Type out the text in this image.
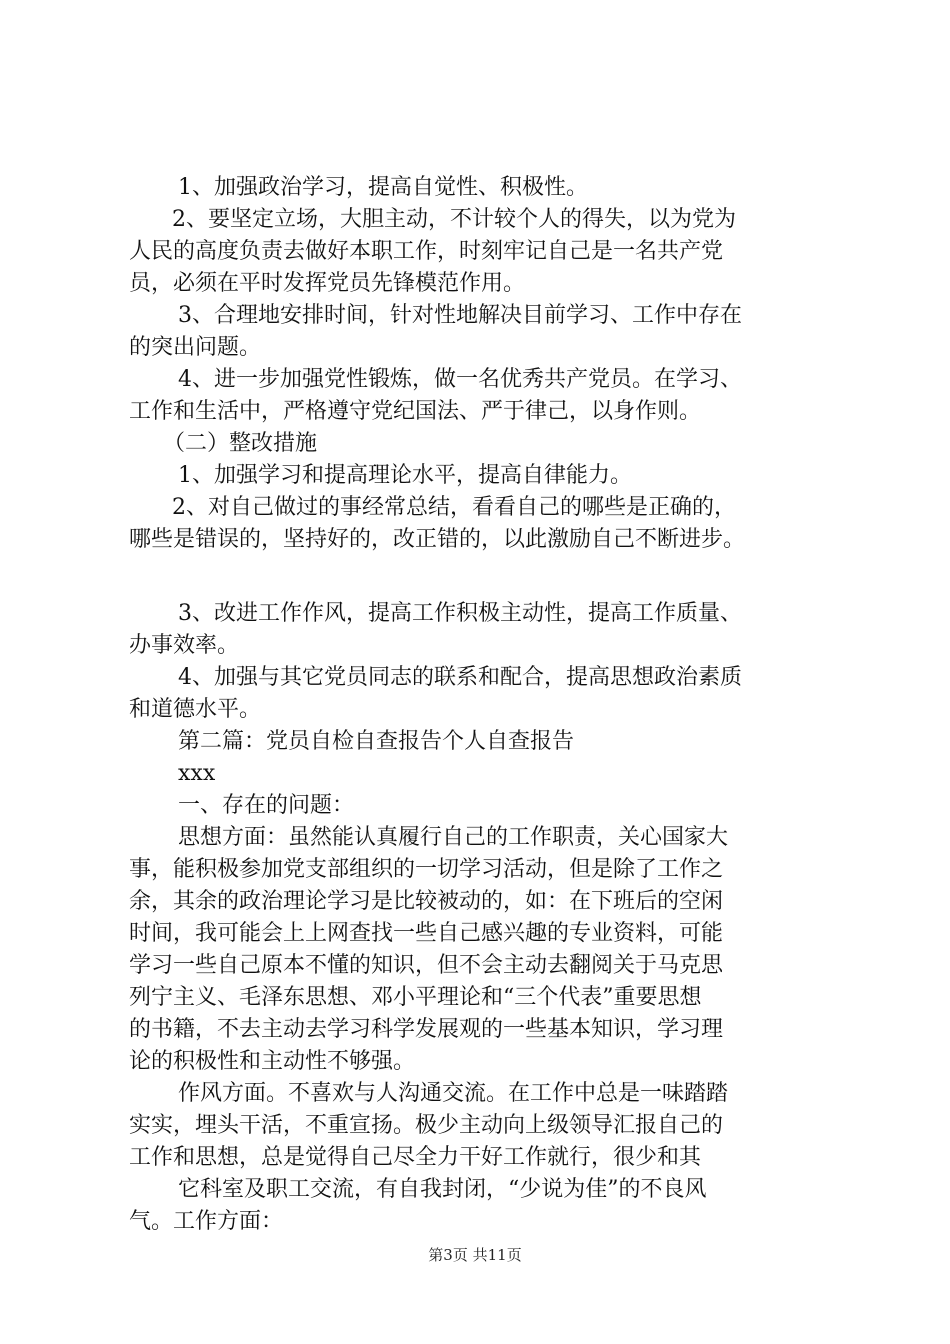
1、加强政治学习，提高自觉性、积极性。
2、要坚定立场，大胆主动，不计较个人的得失，以为党为
人民的高度负责去做好本职工作，时刻牢记自己是一名共产党
员，必须在平时发挥党员先锋模范作用。
3、合理地安排时间，针对性地解决目前学习、工作中存在
的突出问题。
4、进一步加强党性锻炼，做一名优秀共产党员。在学习、
工作和生活中，严格遵守党纪国法、严于律己，以身作则。
（二）整改措施
1、加强学习和提高理论水平，提高自律能力。
2、对自己做过的事经常总结，看看自己的哪些是正确的，
哪些是错误的，坚持好的，改正错的，以此激励自己不断进步。
3、改进工作作风，提高工作积极主动性，提高工作质量、
办事效率。
4、加强与其它党员同志的联系和配合，提高思想政治素质
和道德水平。
第二篇：党员自检自查报告个人自查报告
xxx
一、存在的问题：
思想方面：虽然能认真履行自己的工作职责，关心国家大
事，能积极参加党支部组织的一切学习活动，但是除了工作之
余，其余的政治理论学习是比较被动的，如：在下班后的空闲
时间，我可能会上上网查找一些自己感兴趣的专业资料，可能
学习一些自己原本不懂的知识，但不会主动去翻阅关于马克思
列宁主义、毛泽东思想、邓小平理论和“三个代表”重要思想
的书籍，不去主动去学习科学发展观的一些基本知识，学习理
论的积极性和主动性不够强。
作风方面。不喜欢与人沟通交流。在工作中总是一味踏踏
实实，埋头干活，不重宣扬。极少主动向上级领导汇报自己的
工作和思想，总是觉得自己尽全力干好工作就行，很少和其
它科室及职工交流，有自我封闭，“少说为佳”的不良风
气。工作方面：
第3页 共11页
